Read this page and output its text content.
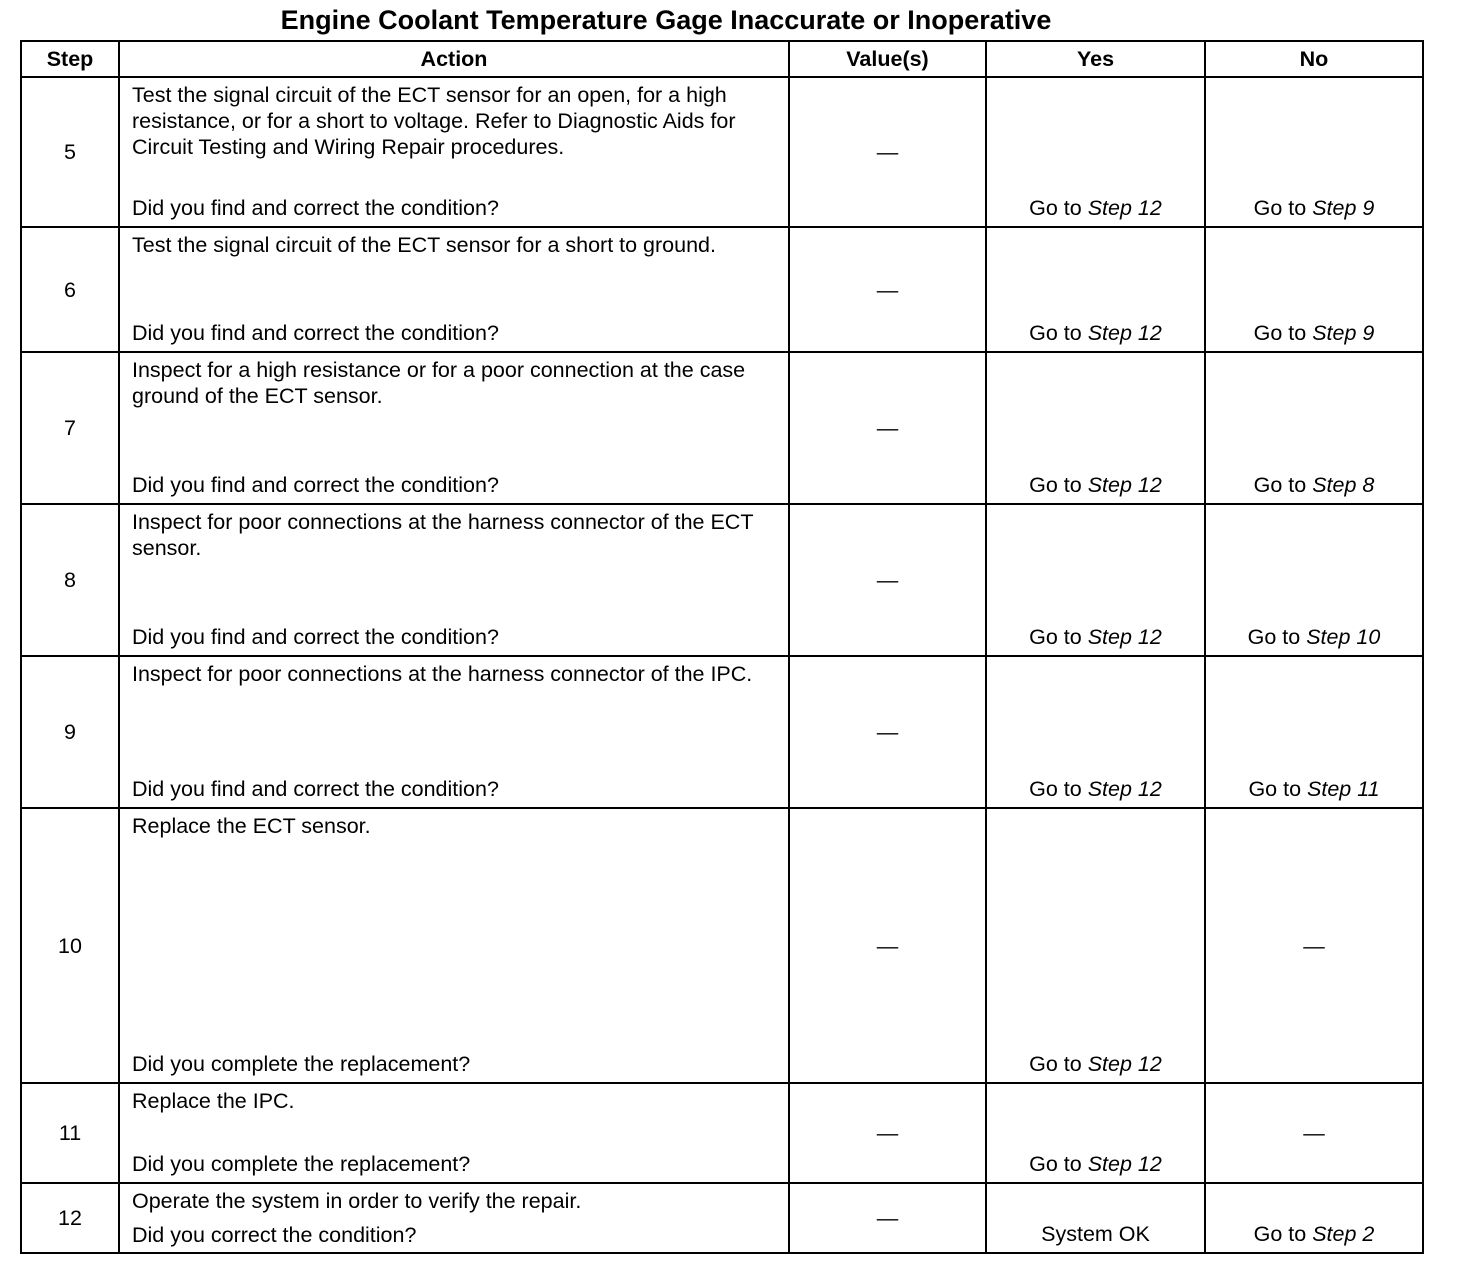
Engine Coolant Temperature Gage Inaccurate or Inoperative
Step	Action	Value(s)	Yes	No
5	Test the signal circuit of the ECT sensor for an open, for a high resistance, or for a short to voltage. Refer to Diagnostic Aids for Circuit Testing and Wiring Repair procedures.
Did you find and correct the condition?	—	Go to Step 12	Go to Step 9

6	Test the signal circuit of the ECT sensor for a short to ground.
Did you find and correct the condition?	—	Go to Step 12	Go to Step 9

7	Inspect for a high resistance or for a poor connection at the case ground of the ECT sensor.
Did you find and correct the condition?	—	Go to Step 12	Go to Step 8

8	Inspect for poor connections at the harness connector of the ECT sensor.
Did you find and correct the condition?	—	Go to Step 12	Go to Step 10

9	Inspect for poor connections at the harness connector of the IPC.
Did you find and correct the condition?	—	Go to Step 12	Go to Step 11

10	Replace the ECT sensor.
Did you complete the replacement?	—	Go to Step 12	—
11	Replace the IPC.
Did you complete the replacement?	—	Go to Step 12	—
12	Operate the system in order to verify the repair.
Did you correct the condition?	—	System OK	Go to Step 2
